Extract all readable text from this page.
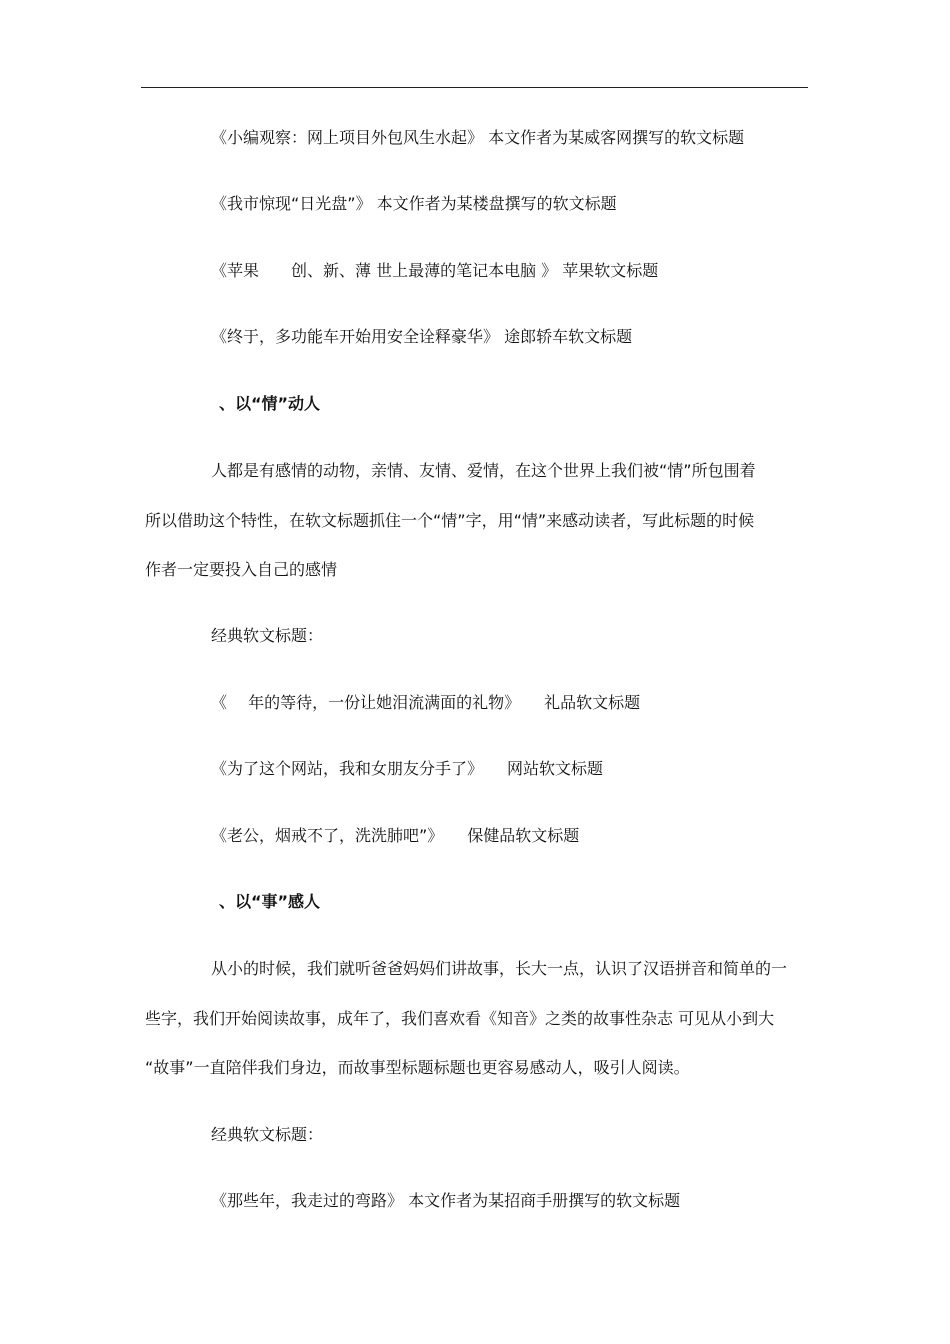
《小编观察：网上项目外包风生水起》 本文作者为某威客网撰写的软文标题
《我市惊现“日光盘”》 本文作者为某楼盘撰写的软文标题
《苹果　　创、新、薄 世上最薄的笔记本电脑 》 苹果软文标题
《终于，多功能车开始用安全诠释豪华》 途郎轿车软文标题
、以“情”动人
人都是有感情的动物，亲情、友情、爱情，在这个世界上我们被“情”所包围着
所以借助这个特性，在软文标题抓住一个“情”字，用“情”来感动读者，写此标题的时候
作者一定要投入自己的感情
经典软文标题：
《　 年的等待，一份让她泪流满面的礼物》　　礼品软文标题
《为了这个网站，我和女朋友分手了》　　网站软文标题
《老公，烟戒不了，洗洗肺吧”》　　保健品软文标题
、以“事”感人
从小的时候，我们就听爸爸妈妈们讲故事，长大一点，认识了汉语拼音和简单的一
些字，我们开始阅读故事，成年了，我们喜欢看《知音》之类的故事性杂志 可见从小到大
“故事”一直陪伴我们身边，而故事型标题标题也更容易感动人，吸引人阅读。
经典软文标题：
《那些年，我走过的弯路》 本文作者为某招商手册撰写的软文标题
